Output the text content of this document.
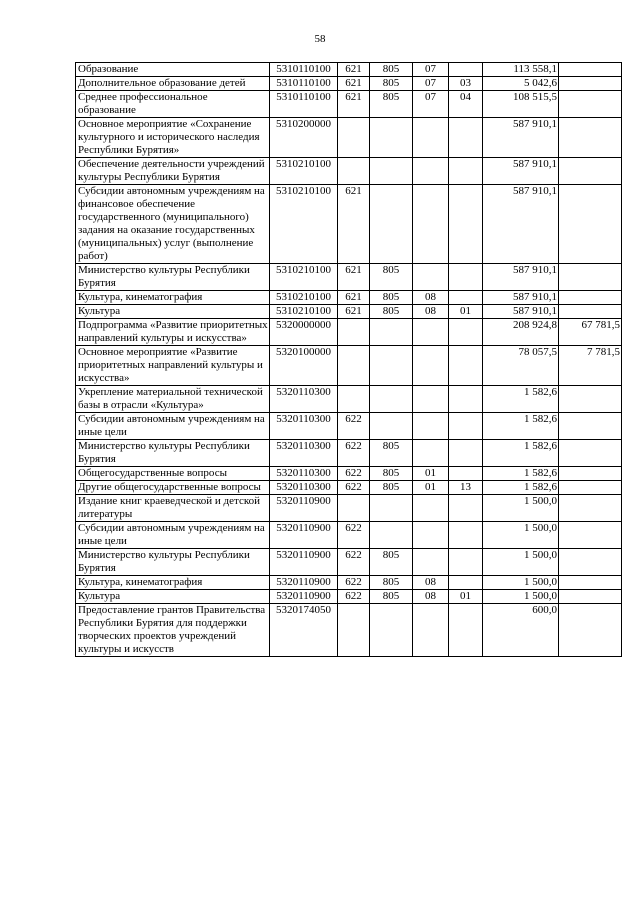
58
Образование	5310110100	621	805	07		113 558,1	
Дополнительное образование детей	5310110100	621	805	07	03	5 042,6	
Среднее профессиональное образование	5310110100	621	805	07	04	108 515,5	
Основное мероприятие «Сохранение культурного и исторического наследия Республики Бурятия»	5310200000					587 910,1	
Обеспечение деятельности учреждений культуры Республики Бурятия	5310210100					587 910,1	
Субсидии автономным учреждениям на финансовое обеспечение государственного (муниципального) задания на оказание государственных (муниципальных) услуг (выполнение работ)	5310210100	621				587 910,1	
Министерство культуры Республики Бурятия	5310210100	621	805			587 910,1	
Культура, кинематография	5310210100	621	805	08		587 910,1	
Культура	5310210100	621	805	08	01	587 910,1	
Подпрограмма «Развитие приоритетных направлений культуры и искусства»	5320000000					208 924,8	67 781,5
Основное мероприятие «Развитие приоритетных направлений культуры и искусства»	5320100000					78 057,5	7 781,5
Укрепление материальной технической базы в отрасли «Культура»	5320110300					1 582,6	
Субсидии автономным учреждениям на иные цели	5320110300	622				1 582,6	
Министерство культуры Республики Бурятия	5320110300	622	805			1 582,6	
Общегосударственные вопросы	5320110300	622	805	01		1 582,6	
Другие общегосударственные вопросы	5320110300	622	805	01	13	1 582,6	
Издание книг краеведческой и детской литературы	5320110900					1 500,0	
Субсидии автономным учреждениям на иные цели	5320110900	622				1 500,0	
Министерство культуры Республики Бурятия	5320110900	622	805			1 500,0	
Культура, кинематография	5320110900	622	805	08		1 500,0	
Культура	5320110900	622	805	08	01	1 500,0	
Предоставление грантов Правительства Республики Бурятия для поддержки творческих проектов учреждений культуры и искусств	5320174050					600,0	
